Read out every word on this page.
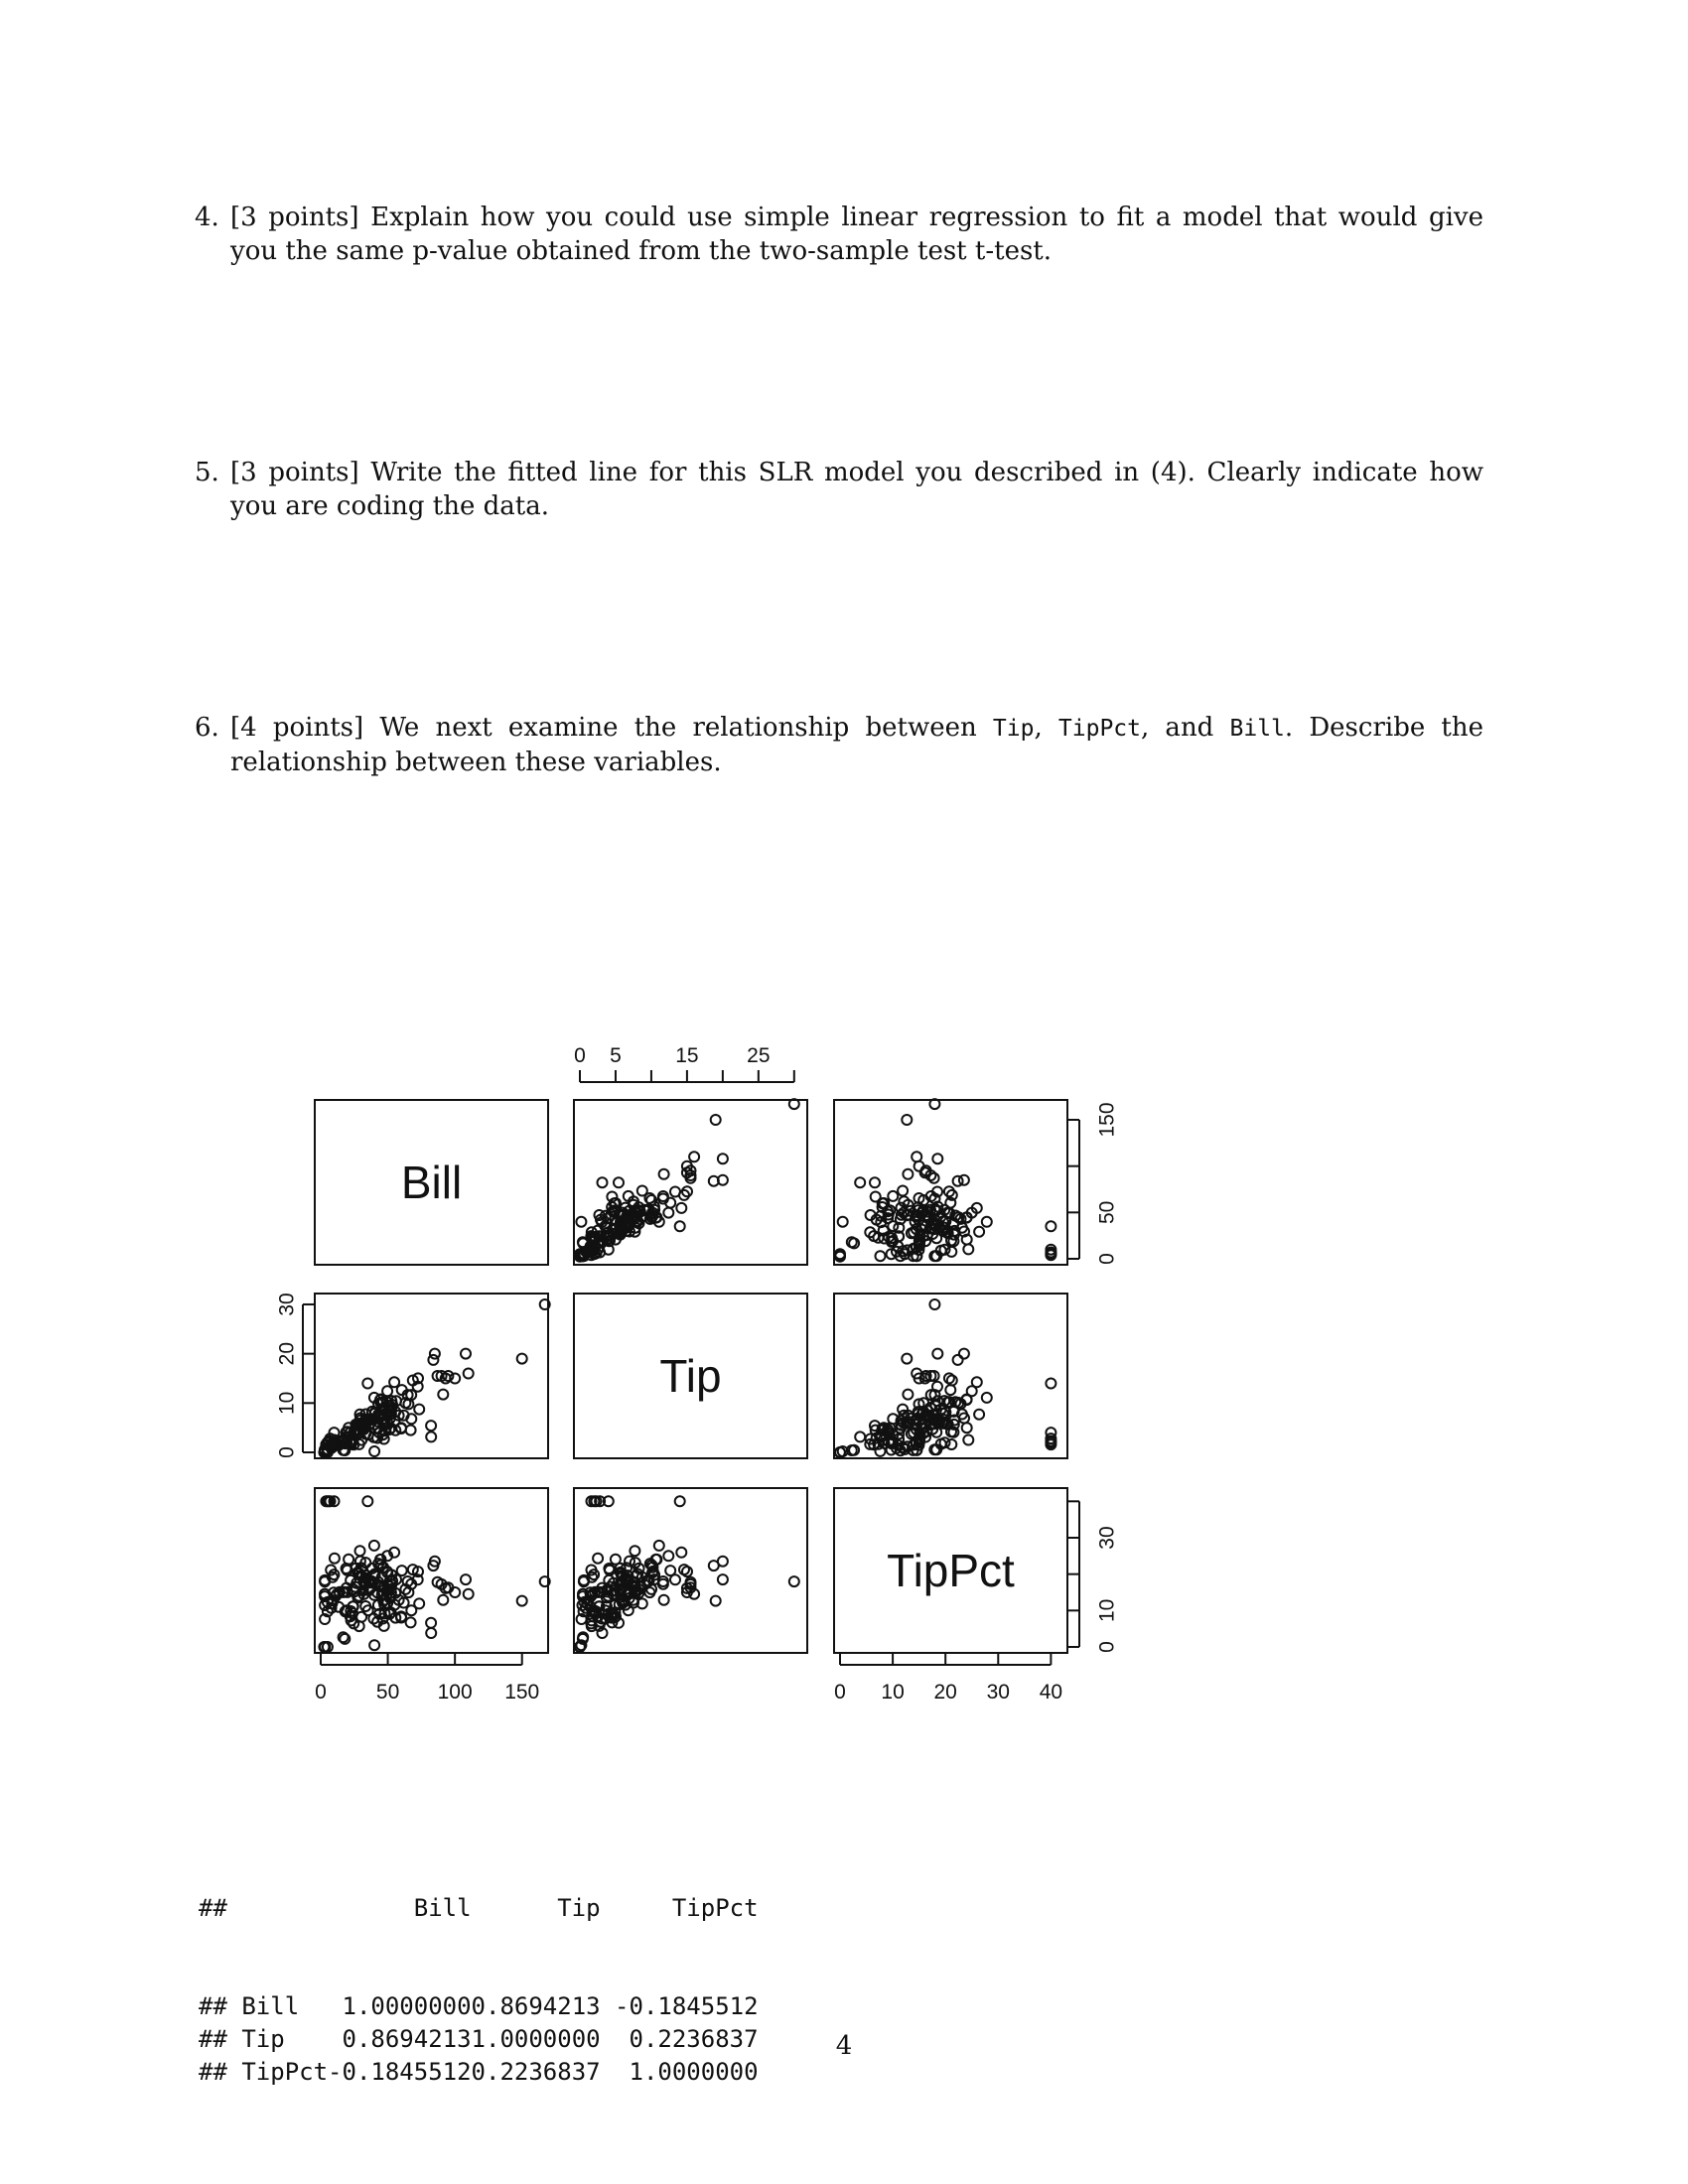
4. [3 points] Explain how you could use simple linear regression to fit a model that would give you the same p-value obtained from the two-sample test t-test.
5. [3 points] Write the fitted line for this SLR model you described in (4). Clearly indicate how you are coding the data.
6. [4 points] We next examine the relationship between Tip, TipPct, and Bill. Describe the relationship between these variables.
Bill
Tip
TipPct
0 5	15 25
0
50
150
0
10
20
30
0
10
30
0 50 100 150	0 10 20 30 40

##	Bill	Tip	TipPct

## Bill	1.0000000 0.8694213 -0.1845512
## Tip	0.8694213 1.0000000	0.2236837
## TipPct -0.1845512 0.2236837	1.0000000

4
